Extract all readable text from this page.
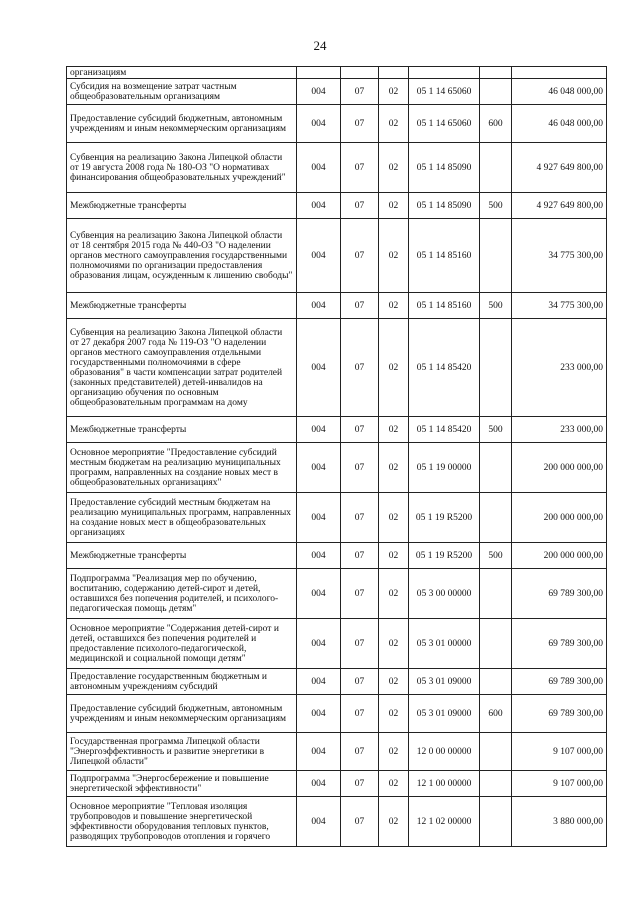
24
организациям						
Субсидия на возмещение затрат частным общеобразовательным организациям	004	07	02	05 1 14 65060		46 048 000,00
Предоставление субсидий бюджетным, автономным учреждениям и иным некоммерческим организациям	004	07	02	05 1 14 65060	600	46 048 000,00
Субвенция на реализацию Закона Липецкой области от 19 августа 2008 года № 180-ОЗ "О нормативах финансирования общеобразовательных учреждений"	004	07	02	05 1 14 85090		4 927 649 800,00
Межбюджетные трансферты	004	07	02	05 1 14 85090	500	4 927 649 800,00
Субвенция на реализацию Закона Липецкой области от 18 сентября 2015 года № 440-ОЗ "О наделении органов местного самоуправления государственными полномочиями по организации предоставления образования лицам, осужденным к лишению свободы"	004	07	02	05 1 14 85160		34 775 300,00
Межбюджетные трансферты	004	07	02	05 1 14 85160	500	34 775 300,00
Субвенция на реализацию Закона Липецкой области от 27 декабря 2007 года № 119-ОЗ "О наделении органов местного самоуправления отдельными государственными полномочиями в сфере образования" в части компенсации затрат родителей (законных представителей) детей-инвалидов на организацию обучения по основным общеобразовательным программам на дому	004	07	02	05 1 14 85420		233 000,00
Межбюджетные трансферты	004	07	02	05 1 14 85420	500	233 000,00
Основное мероприятие "Предоставление субсидий местным бюджетам на реализацию муниципальных программ, направленных на создание новых мест в общеобразовательных организациях"	004	07	02	05 1 19 00000		200 000 000,00
Предоставление субсидий местным бюджетам на реализацию муниципальных программ, направленных на создание новых мест в общеобразовательных организациях	004	07	02	05 1 19 R5200		200 000 000,00
Межбюджетные трансферты	004	07	02	05 1 19 R5200	500	200 000 000,00
Подпрограмма "Реализация мер по обучению, воспитанию, содержанию детей-сирот и детей, оставшихся без попечения родителей, и психолого-педагогическая помощь детям"	004	07	02	05 3 00 00000		69 789 300,00
Основное мероприятие "Содержания детей-сирот и детей, оставшихся без попечения родителей и предоставление психолого-педагогической, медицинской и социальной помощи детям"	004	07	02	05 3 01 00000		69 789 300,00
Предоставление государственным бюджетным и автономным учреждениям субсидий	004	07	02	05 3 01 09000		69 789 300,00
Предоставление субсидий бюджетным, автономным учреждениям и иным некоммерческим организациям	004	07	02	05 3 01 09000	600	69 789 300,00
Государственная программа Липецкой области "Энергоэффективность и развитие энергетики в Липецкой области"	004	07	02	12 0 00 00000		9 107 000,00
Подпрограмма "Энергосбережение и повышение энергетической эффективности"	004	07	02	12 1 00 00000		9 107 000,00
Основное мероприятие "Тепловая изоляция трубопроводов и повышение энергетической эффективности оборудования тепловых пунктов, разводящих трубопроводов отопления и горячего	004	07	02	12 1 02 00000		3 880 000,00
